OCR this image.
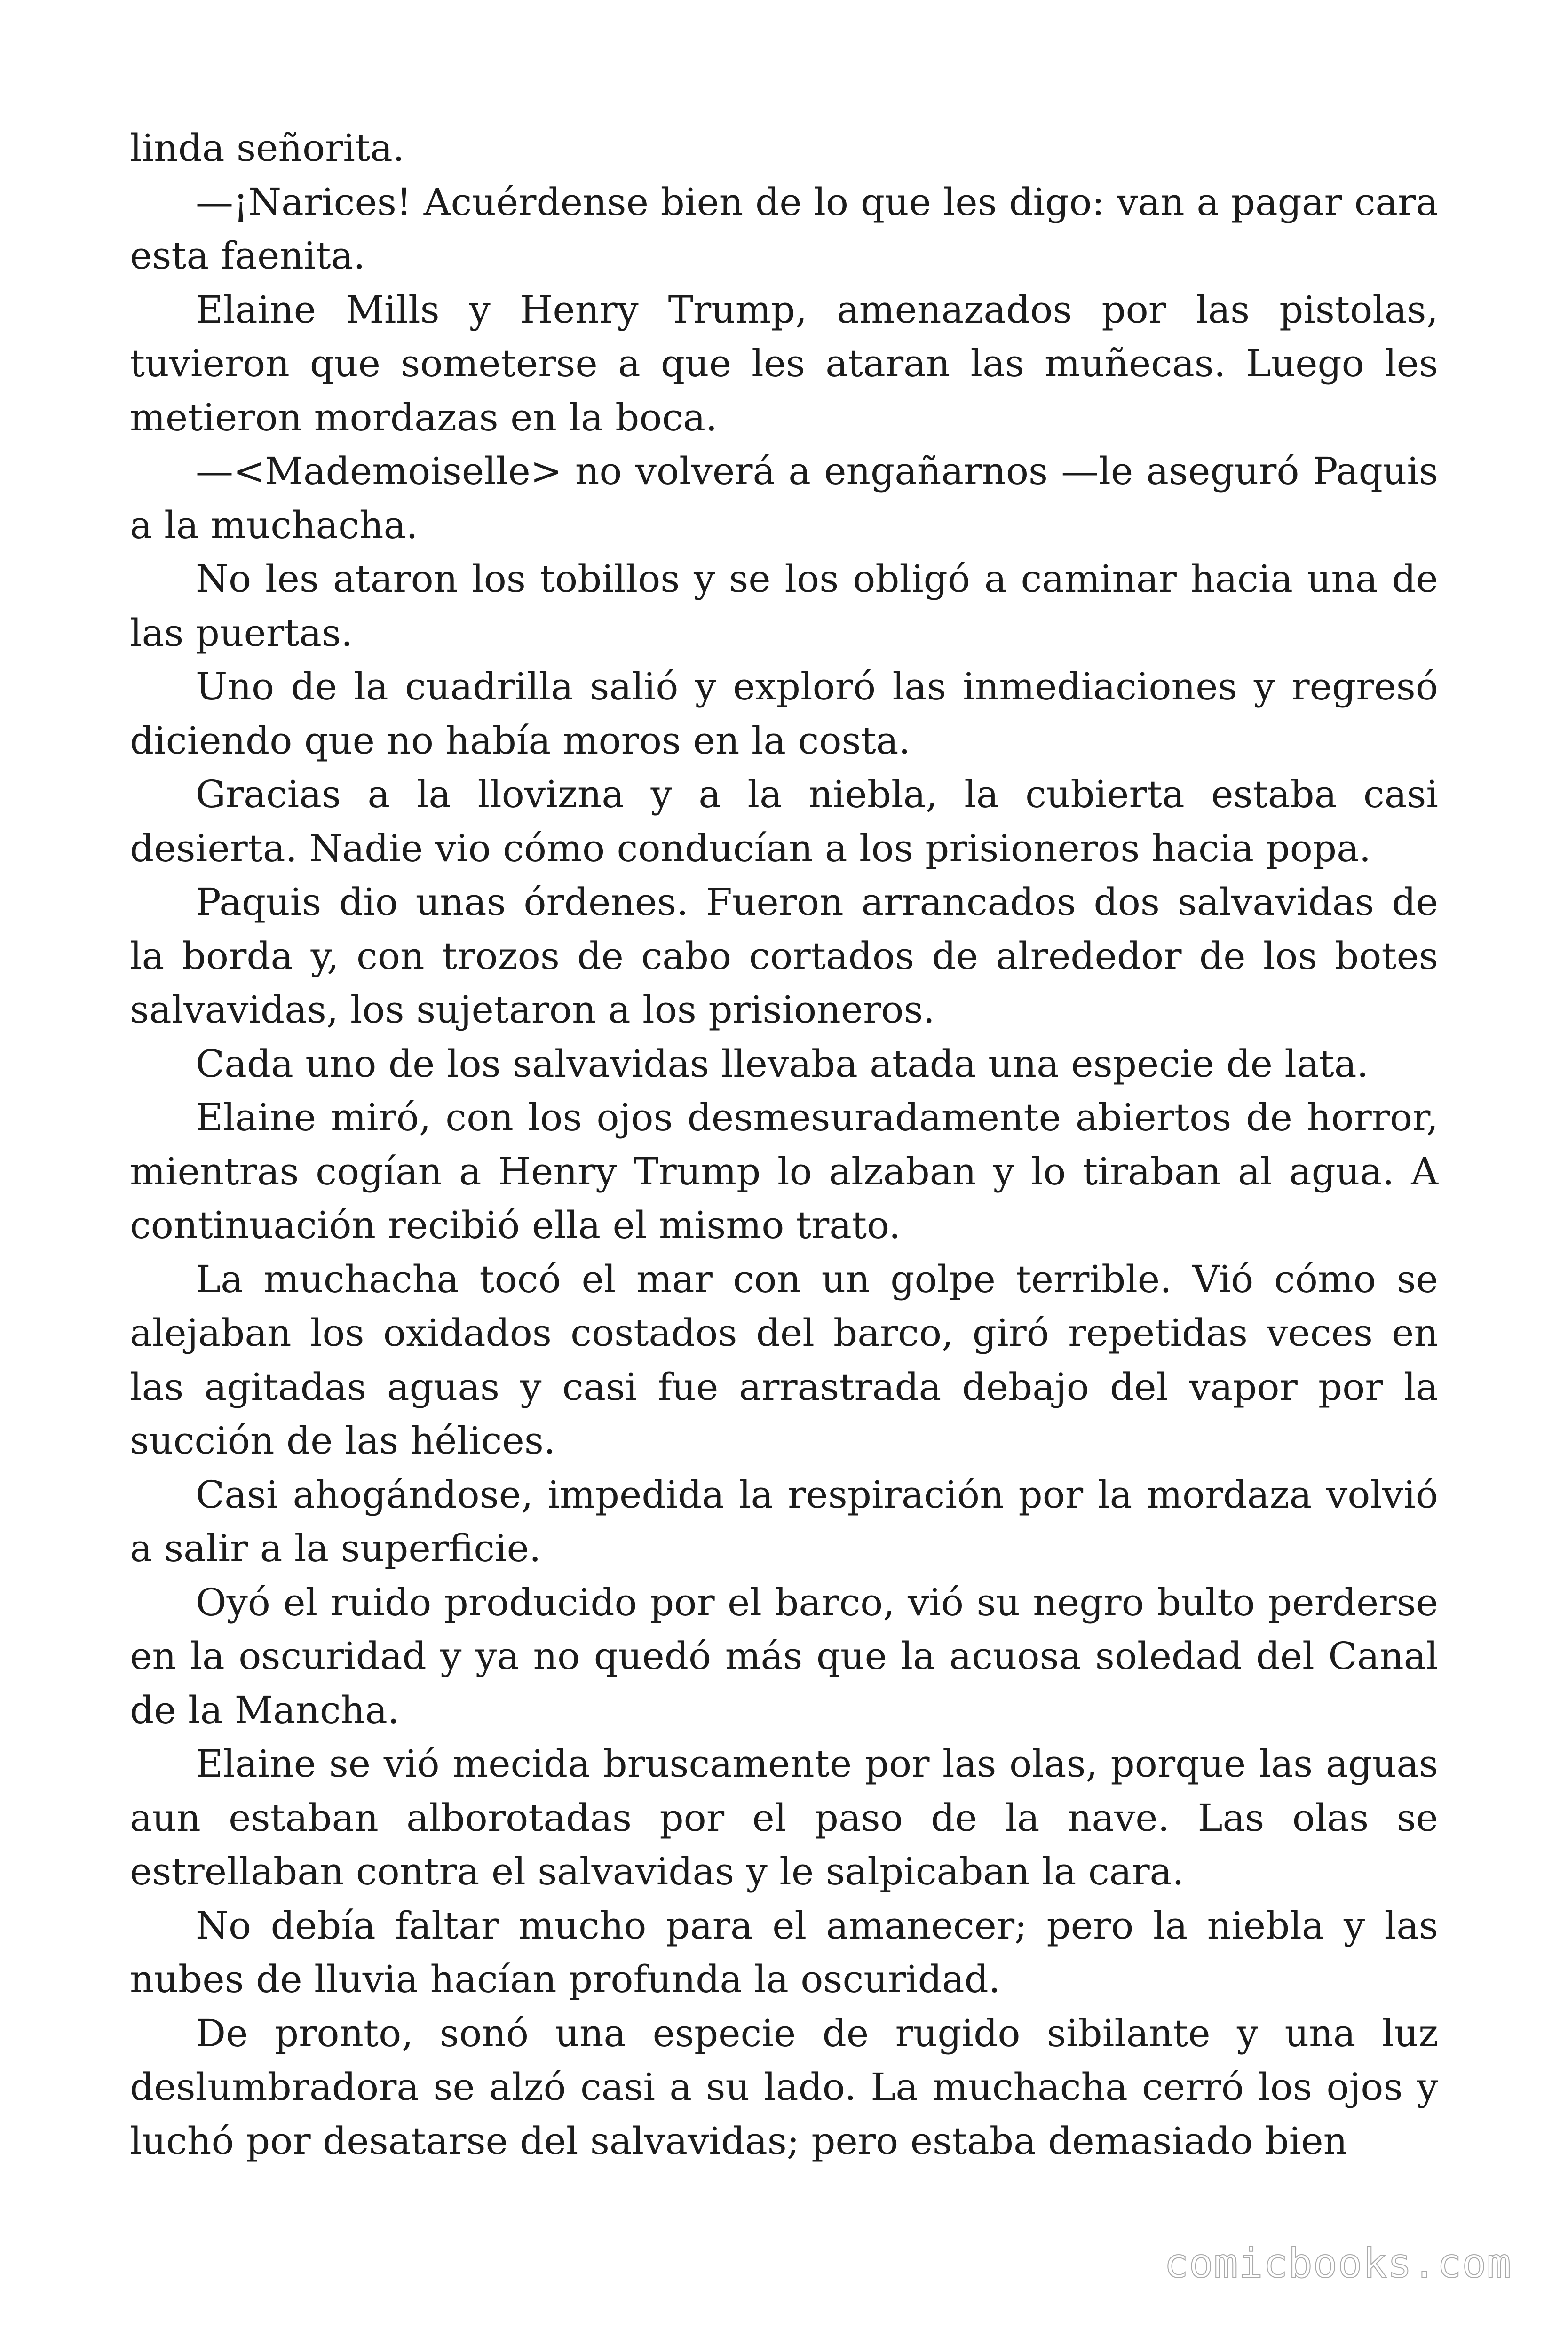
linda señorita.

—¡Narices! Acuérdense bien de lo que les digo: van a pagar cara esta faenita.

Elaine Mills y Henry Trump, amenazados por las pistolas, tuvieron que someterse a que les ataran las muñecas. Luego les metieron mordazas en la boca.

—<Mademoiselle> no volverá a engañarnos —le aseguró Paquis a la muchacha.

No les ataron los tobillos y se los obligó a caminar hacia una de las puertas.

Uno de la cuadrilla salió y exploró las inmediaciones y regresó diciendo que no había moros en la costa.

Gracias a la llovizna y a la niebla, la cubierta estaba casi desierta. Nadie vio cómo conducían a los prisioneros hacia popa.

Paquis dio unas órdenes. Fueron arrancados dos salvavidas de la borda y, con trozos de cabo cortados de alrededor de los botes salvavidas, los sujetaron a los prisioneros.

Cada uno de los salvavidas llevaba atada una especie de lata.

Elaine miró, con los ojos desmesuradamente abiertos de horror, mientras cogían a Henry Trump lo alzaban y lo tiraban al agua. A continuación recibió ella el mismo trato.

La muchacha tocó el mar con un golpe terrible. Vió cómo se alejaban los oxidados costados del barco, giró repetidas veces en las agitadas aguas y casi fue arrastrada debajo del vapor por la succión de las hélices.

Casi ahogándose, impedida la respiración por la mordaza volvió a salir a la superficie.

Oyó el ruido producido por el barco, vió su negro bulto perderse en la oscuridad y ya no quedó más que la acuosa soledad del Canal de la Mancha.

Elaine se vió mecida bruscamente por las olas, porque las aguas aun estaban alborotadas por el paso de la nave. Las olas se estrellaban contra el salvavidas y le salpicaban la cara.

No debía faltar mucho para el amanecer; pero la niebla y las nubes de lluvia hacían profunda la oscuridad.

De pronto, sonó una especie de rugido sibilante y una luz deslumbradora se alzó casi a su lado. La muchacha cerró los ojos y luchó por desatarse del salvavidas; pero estaba demasiado bien

comicbooks.com
